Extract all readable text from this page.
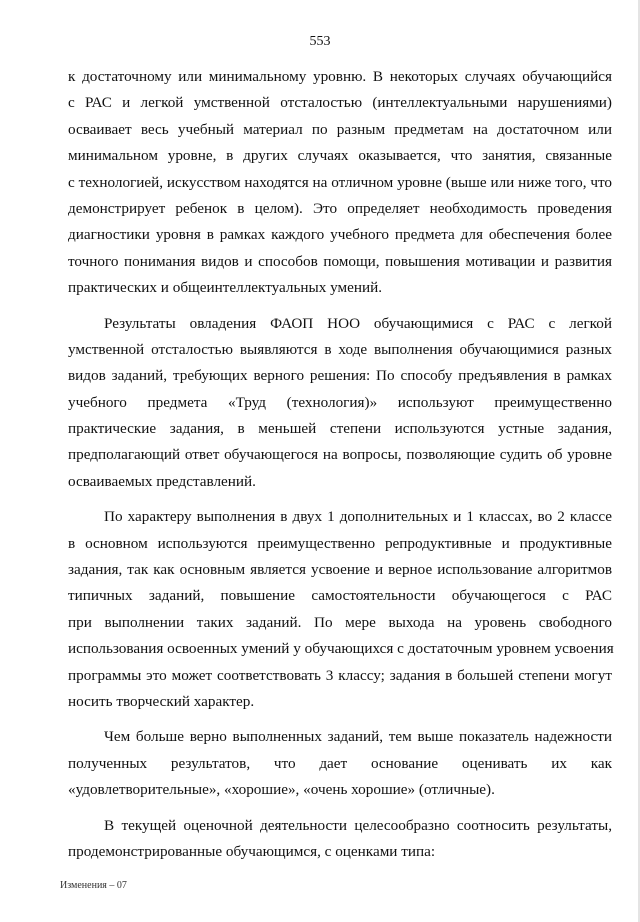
553
к достаточному или минимальному уровню. В некоторых случаях обучающийся
с РАС и легкой умственной отсталостью (интеллектуальными нарушениями)
осваивает весь учебный материал по разным предметам на достаточном или
минимальном уровне, в других случаях оказывается, что занятия, связанные
с технологией, искусством находятся на отличном уровне (выше или ниже того, что
демонстрирует ребенок в целом). Это определяет необходимость проведения
диагностики уровня в рамках каждого учебного предмета для обеспечения более
точного понимания видов и способов помощи, повышения мотивации и развития
практических и общеинтеллектуальных умений.
Результаты овладения ФАОП НОО обучающимися с РАС с легкой
умственной отсталостью выявляются в ходе выполнения обучающимися разных
видов заданий, требующих верного решения: По способу предъявления в рамках
учебного предмета «Труд (технология)» используют преимущественно
практические задания, в меньшей степени используются устные задания,
предполагающий ответ обучающегося на вопросы, позволяющие судить об уровне
осваиваемых представлений.
По характеру выполнения в двух 1 дополнительных и 1 классах, во 2 классе
в основном используются преимущественно репродуктивные и продуктивные
задания, так как основным является усвоение и верное использование алгоритмов
типичных заданий, повышение самостоятельности обучающегося с РАС
при выполнении таких заданий. По мере выхода на уровень свободного
использования освоенных умений у обучающихся с достаточным уровнем усвоения
программы это может соответствовать 3 классу; задания в большей степени могут
носить творческий характер.
Чем больше верно выполненных заданий, тем выше показатель надежности
полученных результатов, что дает основание оценивать их как
«удовлетворительные», «хорошие», «очень хорошие» (отличные).
В текущей оценочной деятельности целесообразно соотносить результаты,
продемонстрированные обучающимся, с оценками типа:
Изменения – 07
